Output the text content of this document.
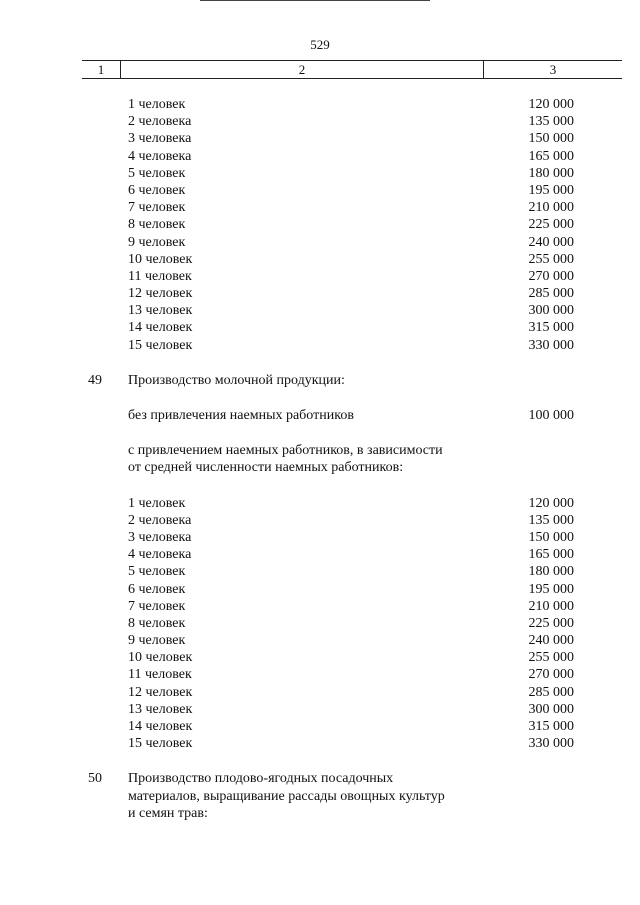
529
1	2	3
1 человек	120 000
2 человека	135 000
3 человека	150 000
4 человека	165 000
5 человек	180 000
6 человек	195 000
7 человек	210 000
8 человек	225 000
9 человек	240 000
10 человек	255 000
11 человек	270 000
12 человек	285 000
13 человек	300 000
14 человек	315 000
15 человек	330 000
49 Производство молочной продукции:
без привлечения наемных работников	100 000
с привлечением наемных работников, в зависимости
от средней численности наемных работников:
1 человек	120 000
2 человека	135 000
3 человека	150 000
4 человека	165 000
5 человек	180 000
6 человек	195 000
7 человек	210 000
8 человек	225 000
9 человек	240 000
10 человек	255 000
11 человек	270 000
12 человек	285 000
13 человек	300 000
14 человек	315 000
15 человек	330 000
50 Производство плодово-ягодных посадочных
материалов, выращивание рассады овощных культур
и семян трав:
